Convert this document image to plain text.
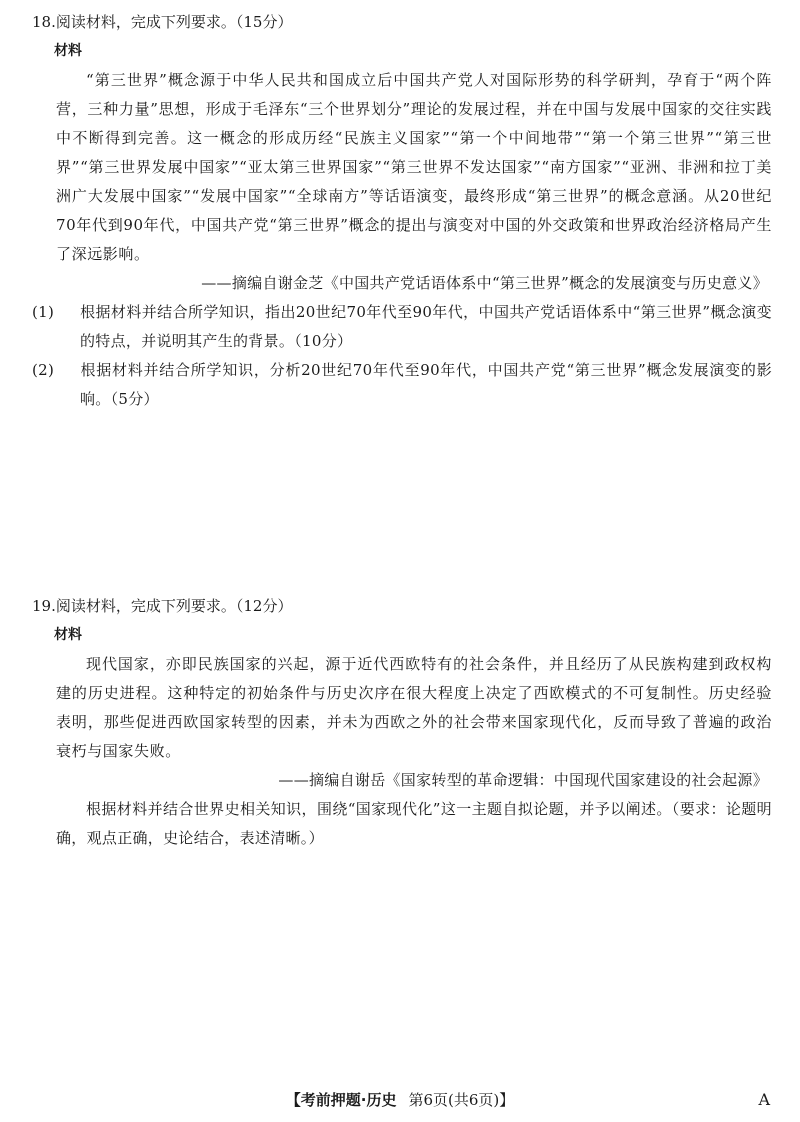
18.阅读材料，完成下列要求。（15分）

材料

“第三世界”概念源于中华人民共和国成立后中国共产党人对国际形势的科学研判，孕育于“两个阵营，三种力量”思想，形成于毛泽东“三个世界划分”理论的发展过程，并在中国与发展中国家的交往实践中不断得到完善。这一概念的形成历经“民族主义国家”“第一个中间地带”“第一个第三世界”“第三世界”“第三世界发展中国家”“亚太第三世界国家”“第三世界不发达国家”“南方国家”“亚洲、非洲和拉丁美洲广大发展中国家”“发展中国家”“全球南方”等话语演变，最终形成“第三世界”的概念意涵。从20世纪70年代到90年代，中国共产党“第三世界”概念的提出与演变对中国的外交政策和世界政治经济格局产生了深远影响。

——摘编自谢金芝《中国共产党话语体系中“第三世界”概念的发展演变与历史意义》

(1) 根据材料并结合所学知识，指出20世纪70年代至90年代，中国共产党话语体系中“第三世界”概念演变的特点，并说明其产生的背景。（10分）

(2) 根据材料并结合所学知识，分析20世纪70年代至90年代，中国共产党“第三世界”概念发展演变的影响。（5分）

19.阅读材料，完成下列要求。（12分）

材料

现代国家，亦即民族国家的兴起，源于近代西欧特有的社会条件，并且经历了从民族构建到政权构建的历史进程。这种特定的初始条件与历史次序在很大程度上决定了西欧模式的不可复制性。历史经验表明，那些促进西欧国家转型的因素，并未为西欧之外的社会带来国家现代化，反而导致了普遍的政治衰朽与国家失败。

——摘编自谢岳《国家转型的革命逻辑：中国现代国家建设的社会起源》

根据材料并结合世界史相关知识，围绕“国家现代化”这一主题自拟论题，并予以阐述。（要求：论题明确，观点正确，史论结合，表述清晰。）

【考前押题·历史 第6页(共6页)】	A
